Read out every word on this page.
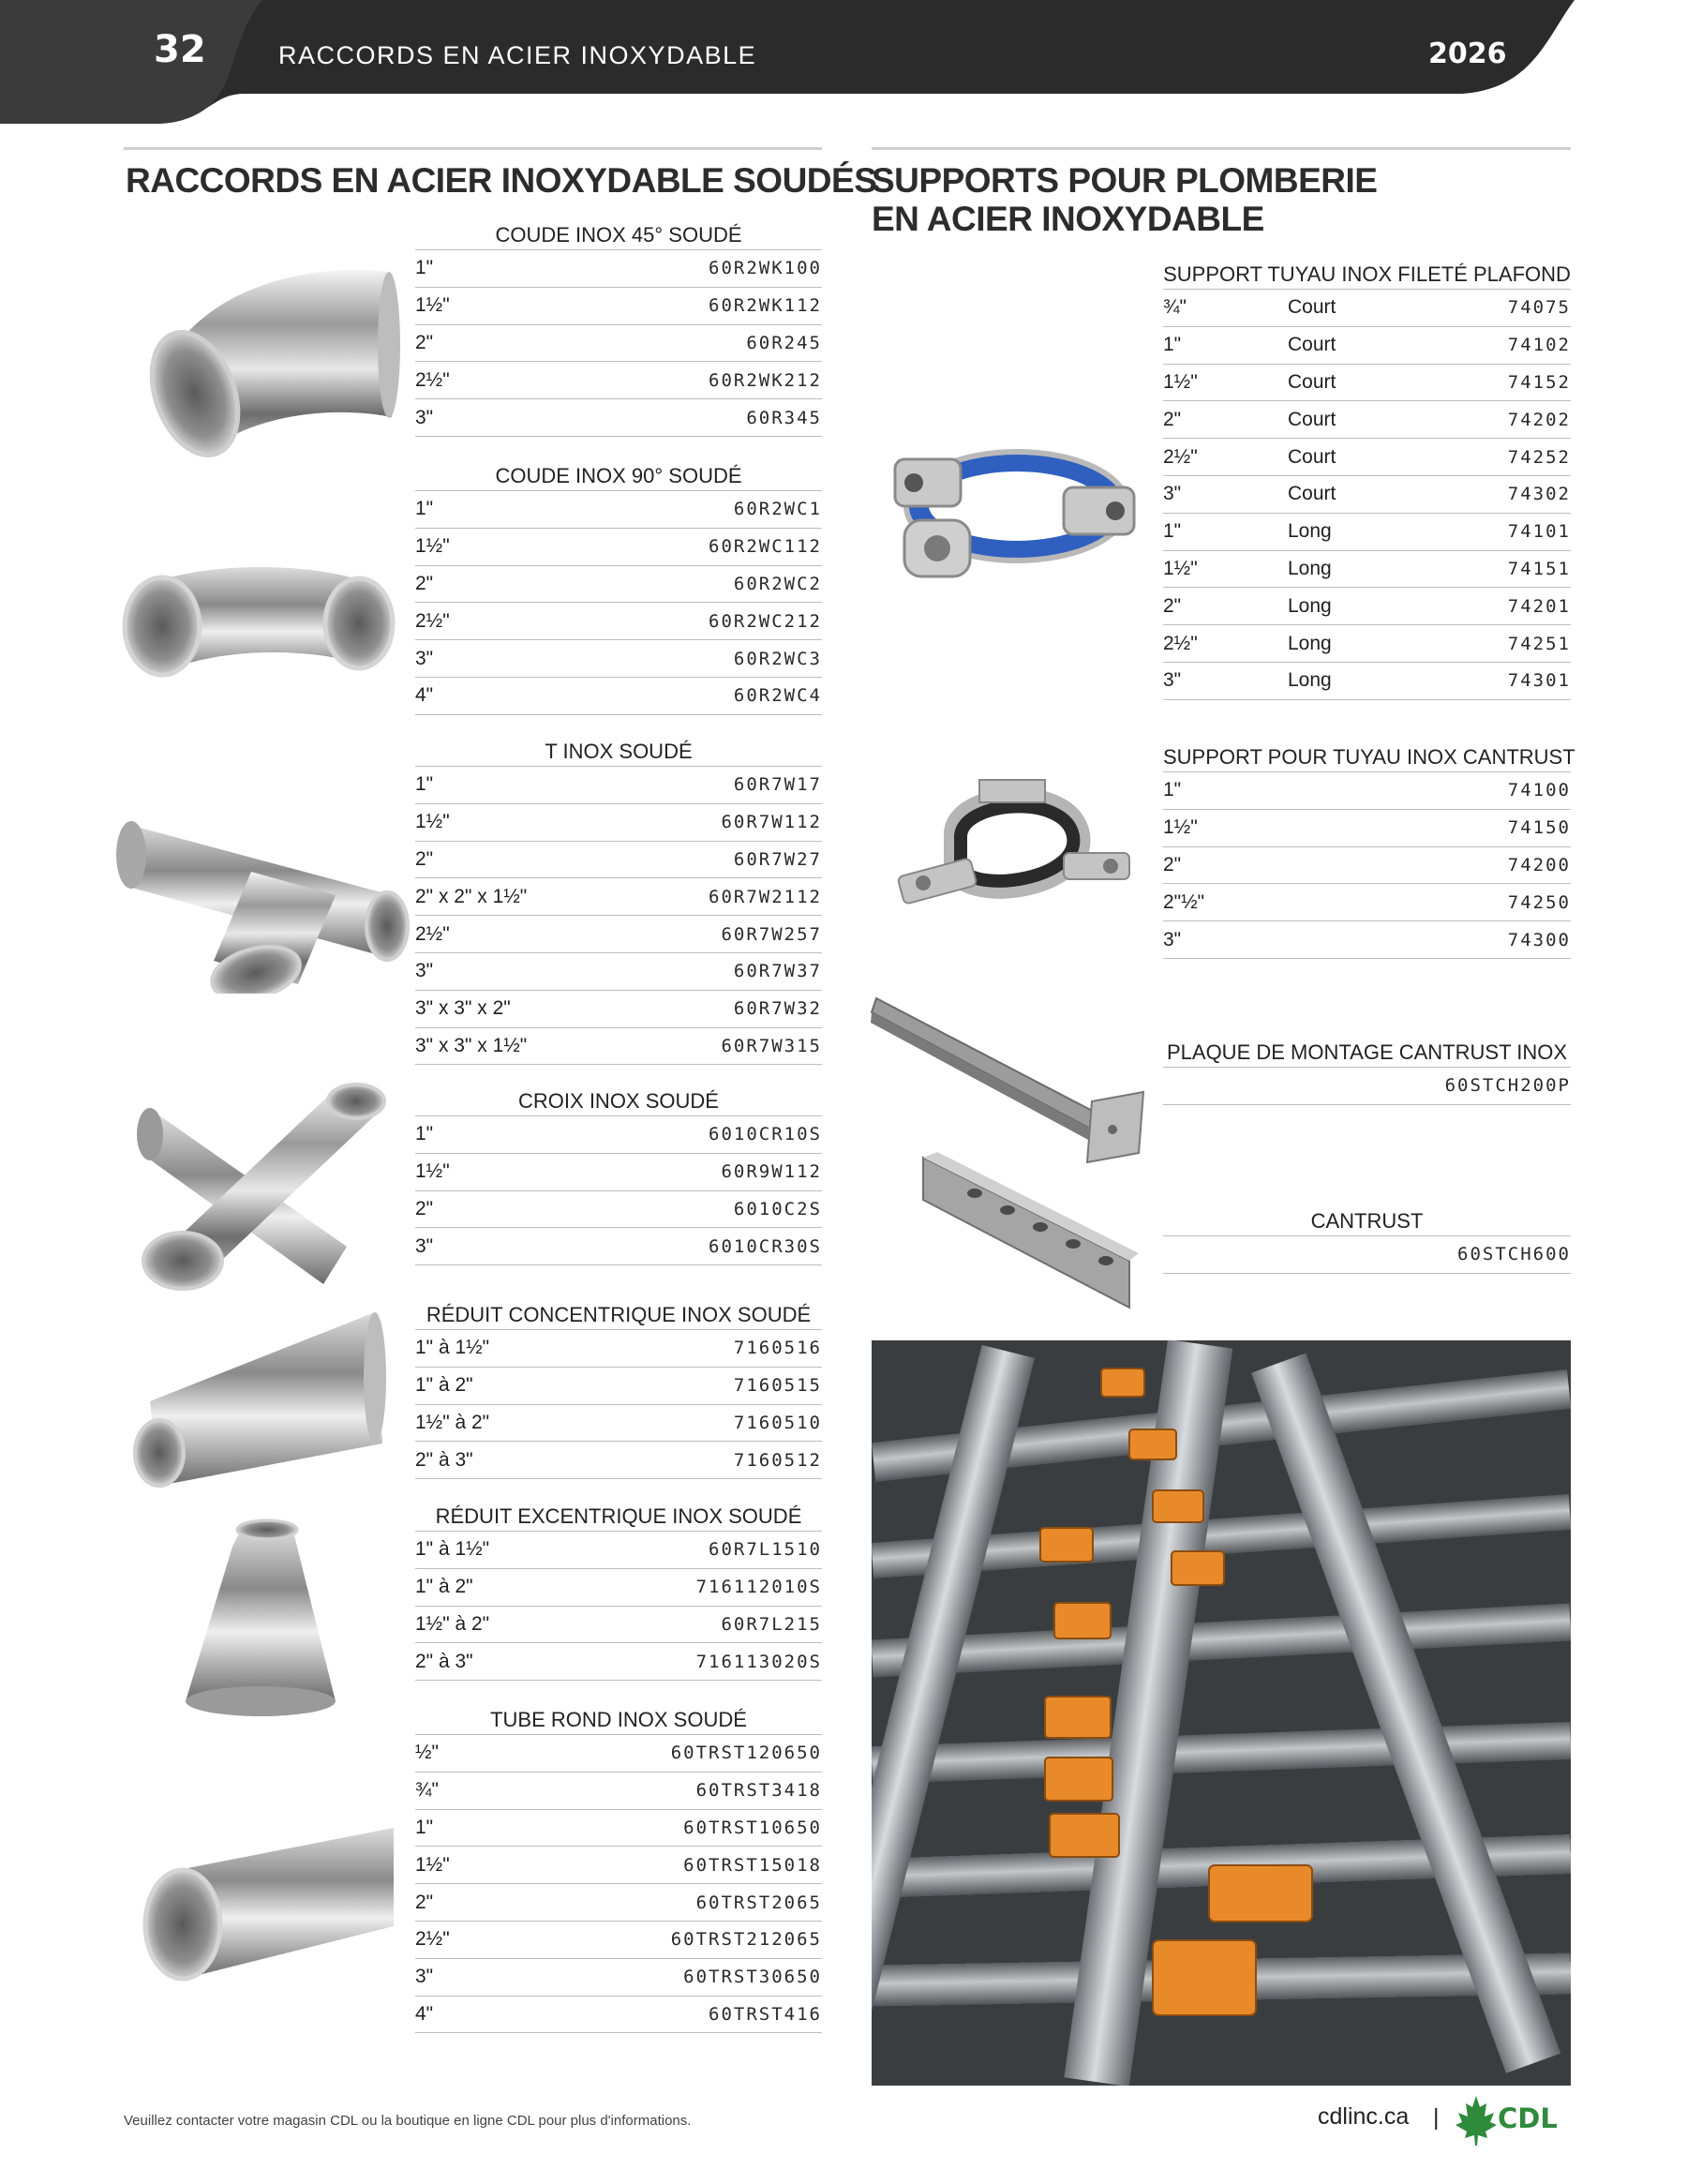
32	RACCORDS EN ACIER INOXYDABLE	2026
RACCORDS EN ACIER INOXYDABLE SOUDÉS
COUDE INOX 45° SOUDÉ
1"	60R2WK100
1½"	60R2WK112
2"	60R245
2½"	60R2WK212
3"	60R345
COUDE INOX 90° SOUDÉ
1"	60R2WC1
1½"	60R2WC112
2"	60R2WC2
2½"	60R2WC212
3"	60R2WC3
4"	60R2WC4
T INOX SOUDÉ
1"	60R7W17
1½"	60R7W112
2"	60R7W27
2" x 2" x 1½"	60R7W2112
2½"	60R7W257
3"	60R7W37
3" x 3" x 2"	60R7W32
3" x 3" x 1½"	60R7W315
CROIX INOX SOUDÉ
1"	6010CR10S
1½"	60R9W112
2"	6010C2S
3"	6010CR30S
RÉDUIT CONCENTRIQUE INOX SOUDÉ
1" à 1½"	7160516
1" à 2"	7160515
1½" à 2"	7160510
2" à 3"	7160512
RÉDUIT EXCENTRIQUE INOX SOUDÉ
1" à 1½"	60R7L1510
1" à 2"	716112010S
1½" à 2"	60R7L215
2" à 3"	716113020S
TUBE ROND INOX SOUDÉ
½"	60TRST120650
¾"	60TRST3418
1"	60TRST10650
1½"	60TRST15018
2"	60TRST2065
2½"	60TRST212065
3"	60TRST30650
4"	60TRST416
SUPPORTS POUR PLOMBERIE
EN ACIER INOXYDABLE
SUPPORT TUYAU INOX FILETÉ PLAFOND
¾"	Court	74075
1"	Court	74102
1½"	Court	74152
2"	Court	74202
2½"	Court	74252
3"	Court	74302
1"	Long	74101
1½"	Long	74151
2"	Long	74201
2½"	Long	74251
3"	Long	74301
SUPPORT POUR TUYAU INOX CANTRUST
1"	74100
1½"	74150
2"	74200
2"½"	74250
3"	74300
PLAQUE DE MONTAGE CANTRUST INOX
60STCH200P
CANTRUST
60STCH600
Veuillez contacter votre magasin CDL ou la boutique en ligne CDL pour plus d'informations.	cdlinc.ca | CDL
